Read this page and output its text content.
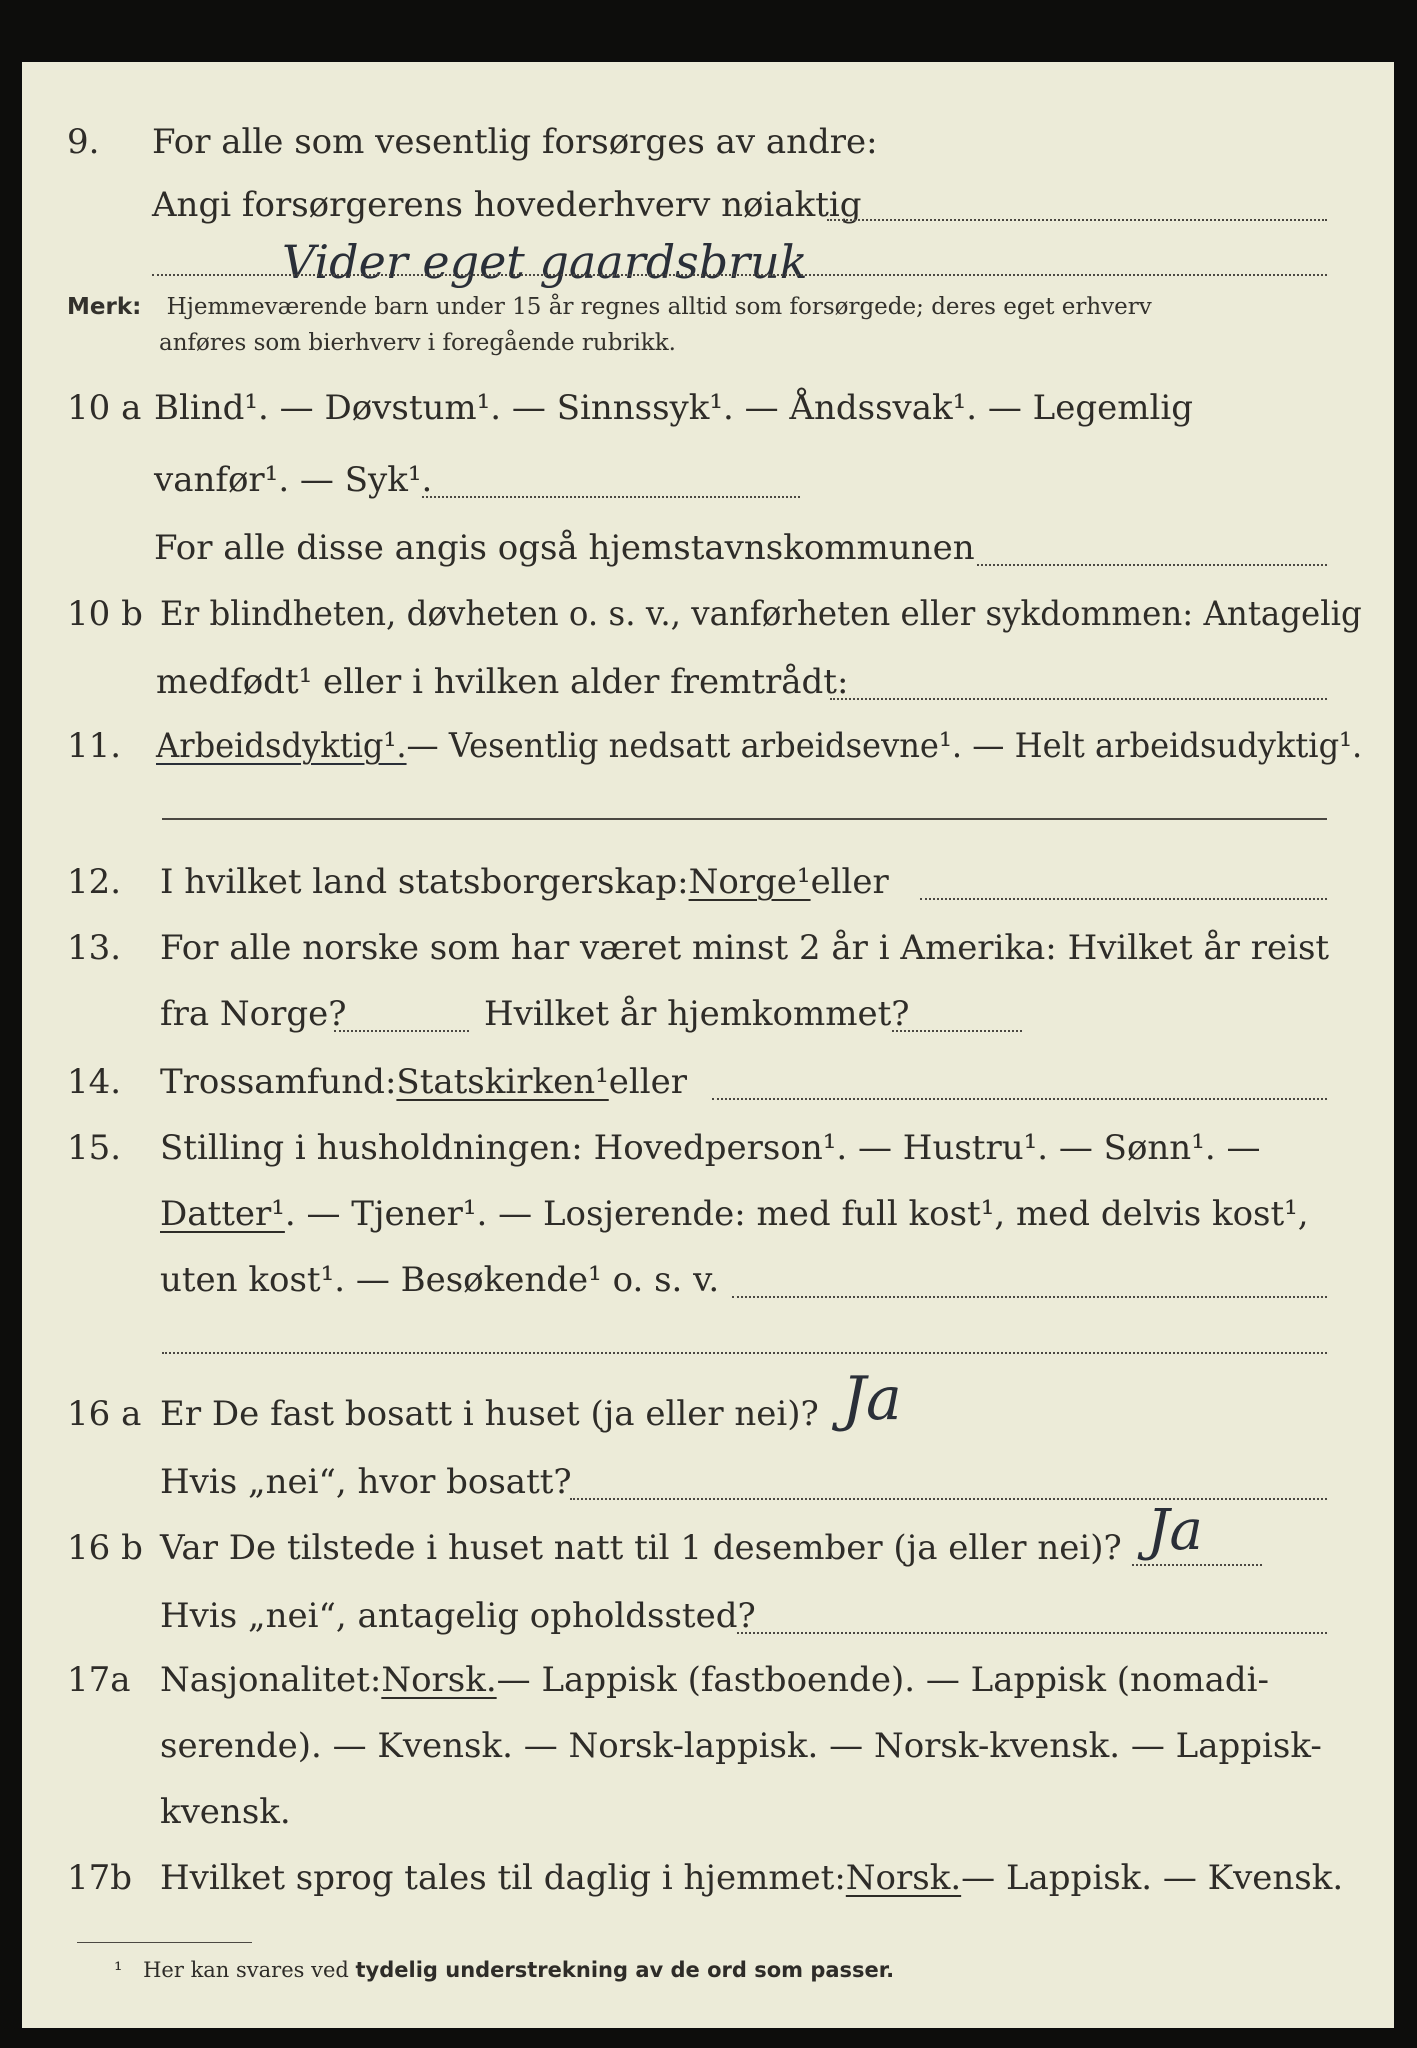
9. For alle som vesentlig forsørges av andre:
Angi forsørgerens hovederhverv nøiaktig
Vider eget gaardsbruk
Merk: Hjemmeværende barn under 15 år regnes alltid som forsørgede; deres eget erhverv
anføres som bierhverv i foregående rubrikk.
10 a Blind¹. — Døvstum¹. — Sinnssyk¹. — Åndssvak¹. — Legemlig
vanfør¹. — Syk¹.
For alle disse angis også hjemstavnskommunen
10 b Er blindheten, døvheten o. s. v., vanførheten eller sykdommen: Antagelig
medfødt¹ eller i hvilken alder fremtrådt:
11. Arbeidsdyktig¹.— Vesentlig nedsatt arbeidsevne¹. — Helt arbeidsudyktig¹.
12. I hvilket land statsborgerskap:Norge¹eller
13. For alle norske som har været minst 2 år i Amerika: Hvilket år reist
fra Norge?	Hvilket år hjemkommet?
14. Trossamfund:Statskirken¹eller
15. Stilling i husholdningen: Hovedperson¹. — Hustru¹. — Sønn¹. —
Datter¹. — Tjener¹. — Losjerende: med full kost¹, med delvis kost¹,
uten kost¹. — Besøkende¹ o. s. v.
16 a Er De fast bosatt i huset (ja eller nei)? Ja
Hvis „nei“, hvor bosatt?
16 b Var De tilstede i huset natt til 1 desember (ja eller nei)? Ja
Hvis „nei“, antagelig opholdssted?
17a Nasjonalitet:Norsk.— Lappisk (fastboende). — Lappisk (nomadi-
serende). — Kvensk. — Norsk-lappisk. — Norsk-kvensk. — Lappisk-
kvensk.
17b Hvilket sprog tales til daglig i hjemmet:Norsk.— Lappisk. — Kvensk.
¹ Her kan svares ved tydelig understrekning av de ord som passer.
